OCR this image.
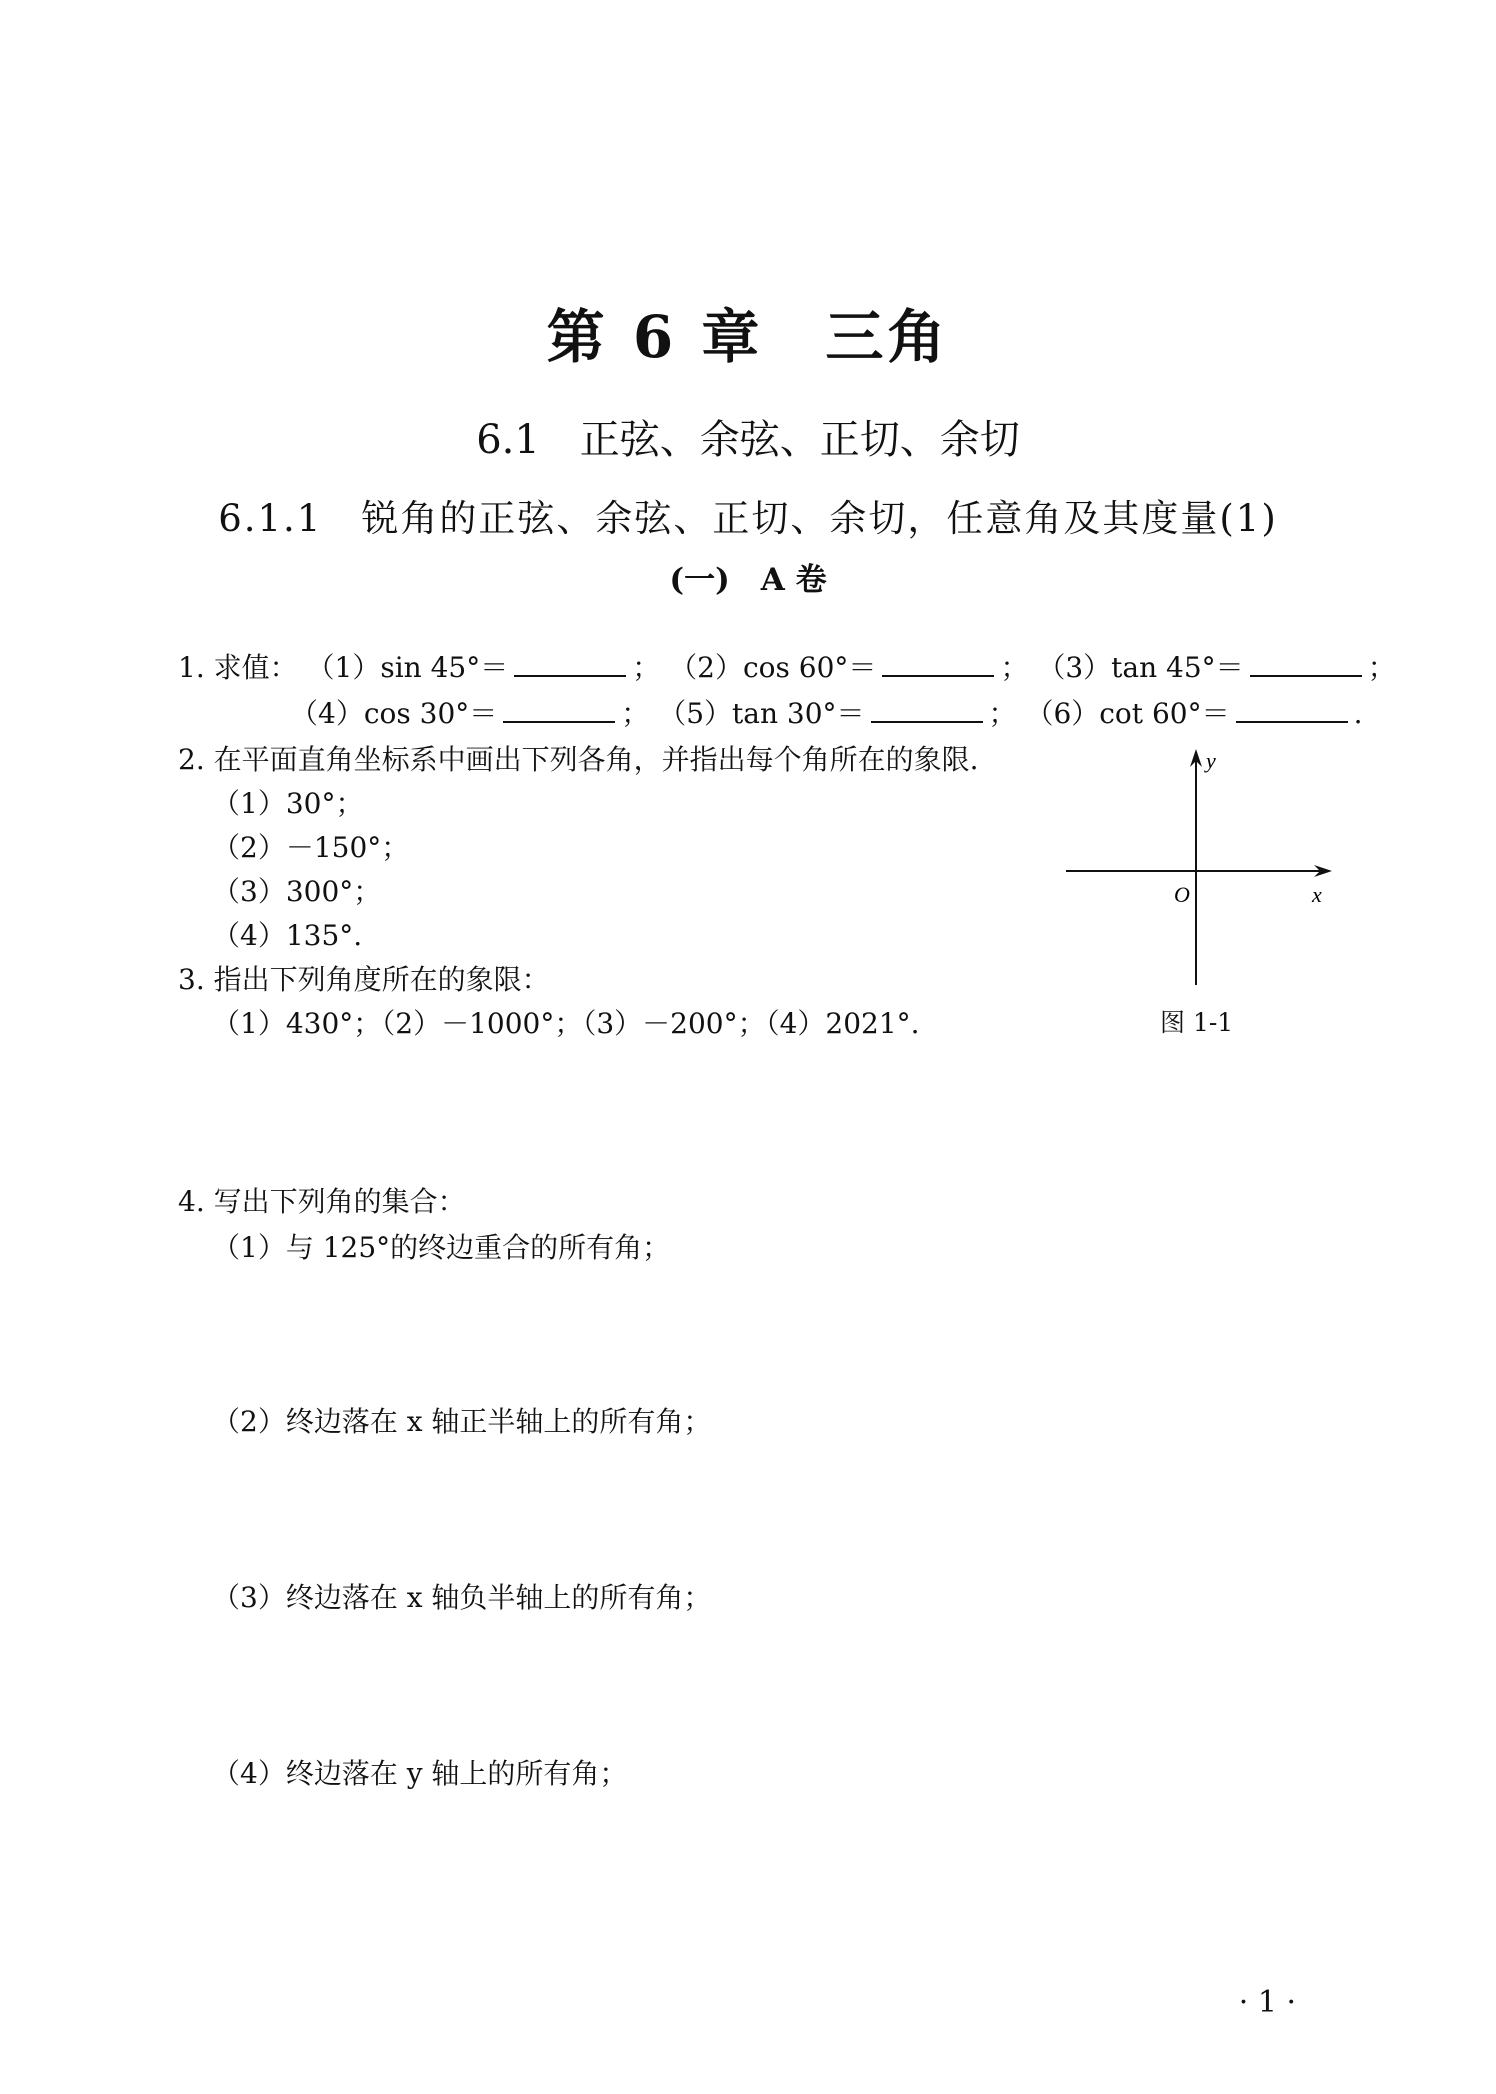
第 6 章　三角
6.1　正弦、余弦、正切、余切
6.1.1　锐角的正弦、余弦、正切、余切，任意角及其度量(1)
(一)　A 卷
1. 求值： （1）sin 45°＝	； （2）cos 60°＝	； （3）tan 45°＝	；
（4）cos 30°＝	； （5）tan 30°＝	； （6）cot 60°＝	.
2. 在平面直角坐标系中画出下列各角，并指出每个角所在的象限.
（1）30°；
（2）－150°；
（3）300°；
（4）135°.
3. 指出下列角度所在的象限：
（1）430°；（2）－1000°；（3）－200°；（4）2021°.
y
x
O
图 1-1
4. 写出下列角的集合：
（1）与 125°的终边重合的所有角；
（2）终边落在 x 轴正半轴上的所有角；
（3）终边落在 x 轴负半轴上的所有角；
（4）终边落在 y 轴上的所有角；
· 1 ·
